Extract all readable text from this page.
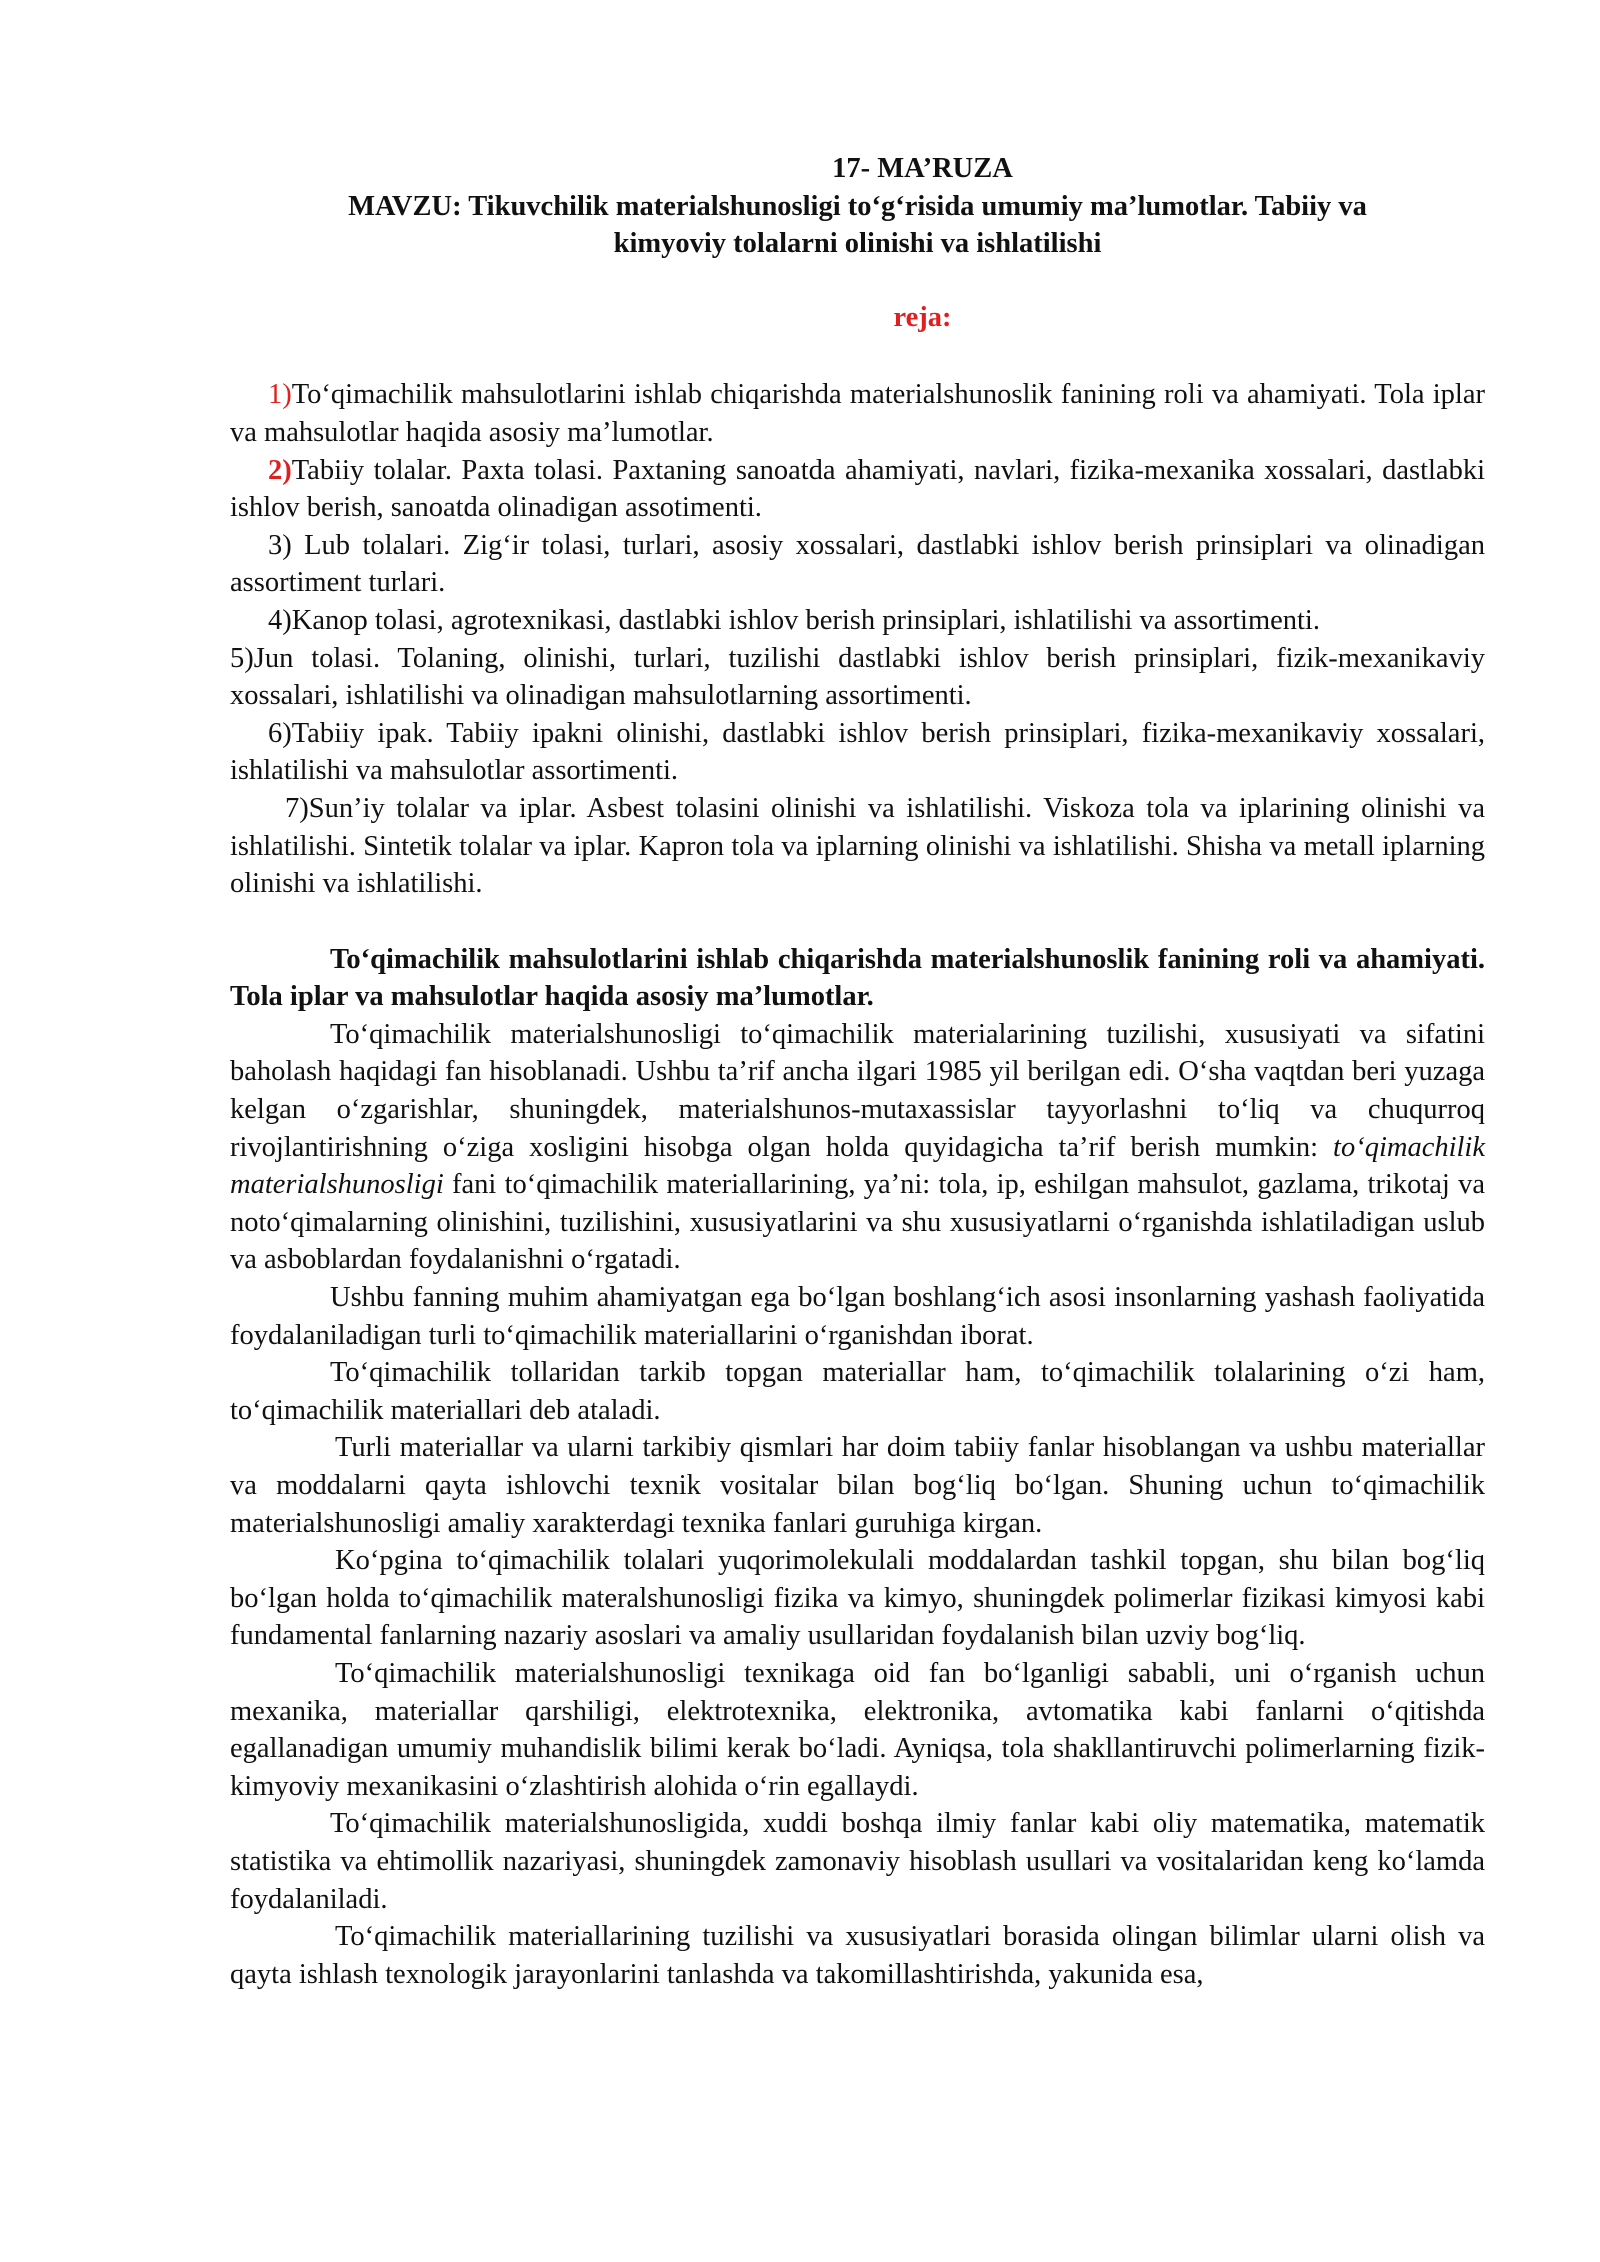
17- MA’RUZA

MAVZU: Tikuvchilik materialshunosligi to‘g‘risida umumiy ma’lumotlar. Tabiiy va

kimyoviy tolalarni olinishi va ishlatilishi

reja:

1)To‘qimachilik mahsulotlarini ishlab chiqarishda materialshunoslik fanining roli va ahamiyati. Tola iplar va mahsulotlar haqida asosiy ma’lumotlar.

2)Tabiiy tolalar. Paxta tolasi. Paxtaning sanoatda ahamiyati, navlari, fizika-mexanika xossalari, dastlabki ishlov berish, sanoatda olinadigan assotimenti.

3) Lub tolalari. Zig‘ir tolasi, turlari, asosiy xossalari, dastlabki ishlov berish prinsiplari va olinadigan assortiment turlari.

4)Kanop tolasi, agrotexnikasi, dastlabki ishlov berish prinsiplari, ishlatilishi va assortimenti.

5)Jun tolasi. Tolaning, olinishi, turlari, tuzilishi dastlabki ishlov berish prinsiplari, fizik-mexanikaviy xossalari, ishlatilishi va olinadigan mahsulotlarning assortimenti.

6)Tabiiy ipak. Tabiiy ipakni olinishi, dastlabki ishlov berish prinsiplari, fizika-mexanikaviy xossalari, ishlatilishi va mahsulotlar assortimenti.

7)Sun’iy tolalar va iplar. Asbest tolasini olinishi va ishlatilishi. Viskoza tola va iplarining olinishi va ishlatilishi. Sintetik tolalar va iplar. Kapron tola va iplarning olinishi va ishlatilishi. Shisha va metall iplarning olinishi va ishlatilishi.

To‘qimachilik mahsulotlarini ishlab chiqarishda materialshunoslik fanining roli va ahamiyati. Tola iplar va mahsulotlar haqida asosiy ma’lumotlar.

To‘qimachilik materialshunosligi to‘qimachilik materialarining tuzilishi, xususiyati va sifatini baholash haqidagi fan hisoblanadi. Ushbu ta’rif ancha ilgari 1985 yil berilgan edi. O‘sha vaqtdan beri yuzaga kelgan o‘zgarishlar, shuningdek, materialshunos-mutaxassislar tayyorlashni to‘liq va chuqurroq rivojlantirishning o‘ziga xosligini hisobga olgan holda quyidagicha ta’rif berish mumkin: to‘qimachilik materialshunosligi fani to‘qimachilik materiallarining, ya’ni: tola, ip, eshilgan mahsulot, gazlama, trikotaj va noto‘qimalarning olinishini, tuzilishini, xususiyatlarini va shu xususiyatlarni o‘rganishda ishlatiladigan uslub va asboblardan foydalanishni o‘rgatadi.

Ushbu fanning muhim ahamiyatgan ega bo‘lgan boshlang‘ich asosi insonlarning yashash faoliyatida foydalaniladigan turli to‘qimachilik materiallarini o‘rganishdan iborat.

To‘qimachilik tollaridan tarkib topgan materiallar ham, to‘qimachilik tolalarining o‘zi ham, to‘qimachilik materiallari deb ataladi.

Turli materiallar va ularni tarkibiy qismlari har doim tabiiy fanlar hisoblangan va ushbu materiallar va moddalarni qayta ishlovchi texnik vositalar bilan bog‘liq bo‘lgan. Shuning uchun to‘qimachilik materialshunosligi amaliy xarakterdagi texnika fanlari guruhiga kirgan.

Ko‘pgina to‘qimachilik tolalari yuqorimolekulali moddalardan tashkil topgan, shu bilan bog‘liq bo‘lgan holda to‘qimachilik materalshunosligi fizika va kimyo, shuningdek polimerlar fizikasi kimyosi kabi fundamental fanlarning nazariy asoslari va amaliy usullaridan foydalanish bilan uzviy bog‘liq.

To‘qimachilik materialshunosligi texnikaga oid fan bo‘lganligi sababli, uni o‘rganish uchun mexanika, materiallar qarshiligi, elektrotexnika, elektronika, avtomatika kabi fanlarni o‘qitishda egallanadigan umumiy muhandislik bilimi kerak bo‘ladi. Ayniqsa, tola shakllantiruvchi polimerlarning fizik-kimyoviy mexanikasini o‘zlashtirish alohida o‘rin egallaydi.

To‘qimachilik materialshunosligida, xuddi boshqa ilmiy fanlar kabi oliy matematika, matematik statistika va ehtimollik nazariyasi, shuningdek zamonaviy hisoblash usullari va vositalaridan keng ko‘lamda foydalaniladi.

To‘qimachilik materiallarining tuzilishi va xususiyatlari borasida olingan bilimlar ularni olish va qayta ishlash texnologik jarayonlarini tanlashda va takomillashtirishda, yakunida esa,
